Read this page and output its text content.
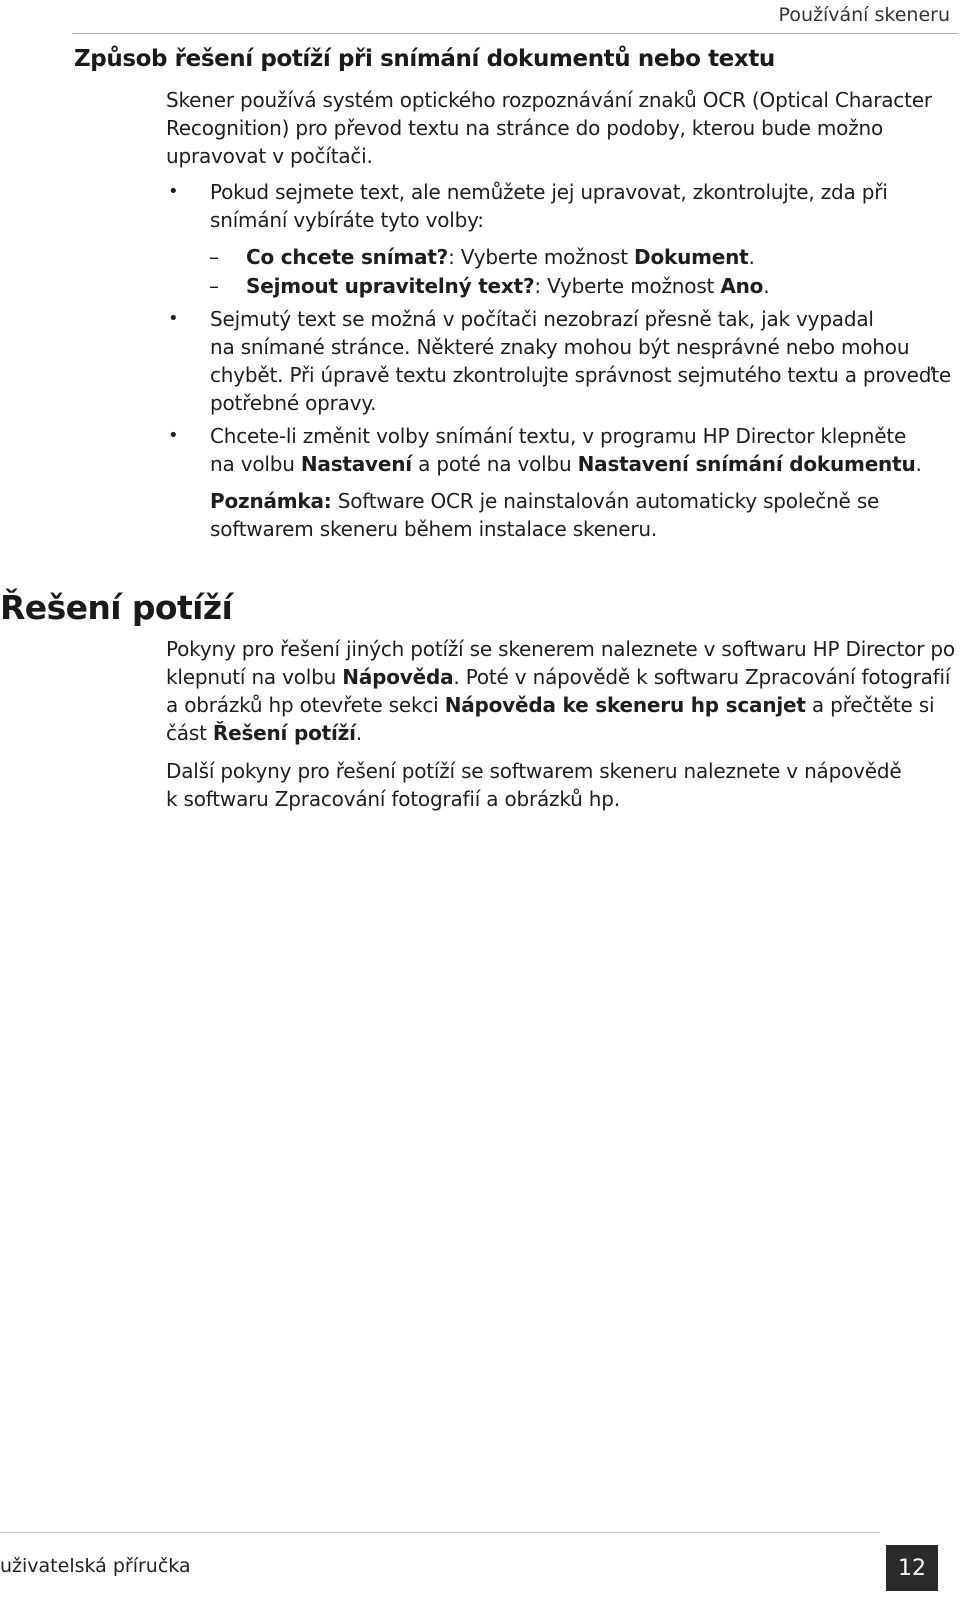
Používání skeneru
Způsob řešení potíží při snímání dokumentů nebo textu

Skener používá systém optického rozpoznávání znaků OCR (Optical Character

Recognition) pro převod textu na stránce do podoby, kterou bude možno

upravovat v počítači.

• Pokud sejmete text, ale nemůžete jej upravovat, zkontrolujte, zda při

snímání vybíráte tyto volby:

– Co chcete snímat?: Vyberte možnost Dokument.

– Sejmout upravitelný text?: Vyberte možnost Ano.

• Sejmutý text se možná v počítači nezobrazí přesně tak, jak vypadal

na snímané stránce. Některé znaky mohou být nesprávné nebo mohou

chybět. Při úpravě textu zkontrolujte správnost sejmutého textu a proveďte

potřebné opravy.

• Chcete-li změnit volby snímání textu, v programu HP Director klepněte

na volbu Nastavení a poté na volbu Nastavení snímání dokumentu.

Poznámka: Software OCR je nainstalován automaticky společně se

softwarem skeneru během instalace skeneru.

Řešení potíží

Pokyny pro řešení jiných potíží se skenerem naleznete v softwaru HP Director po

klepnutí na volbu Nápověda. Poté v nápovědě k softwaru Zpracování fotografií

a obrázků hp otevřete sekci Nápověda ke skeneru hp scanjet a přečtěte si

část Řešení potíží.

Další pokyny pro řešení potíží se softwarem skeneru naleznete v nápovědě

k softwaru Zpracování fotografií a obrázků hp.

uživatelská příručka	12
